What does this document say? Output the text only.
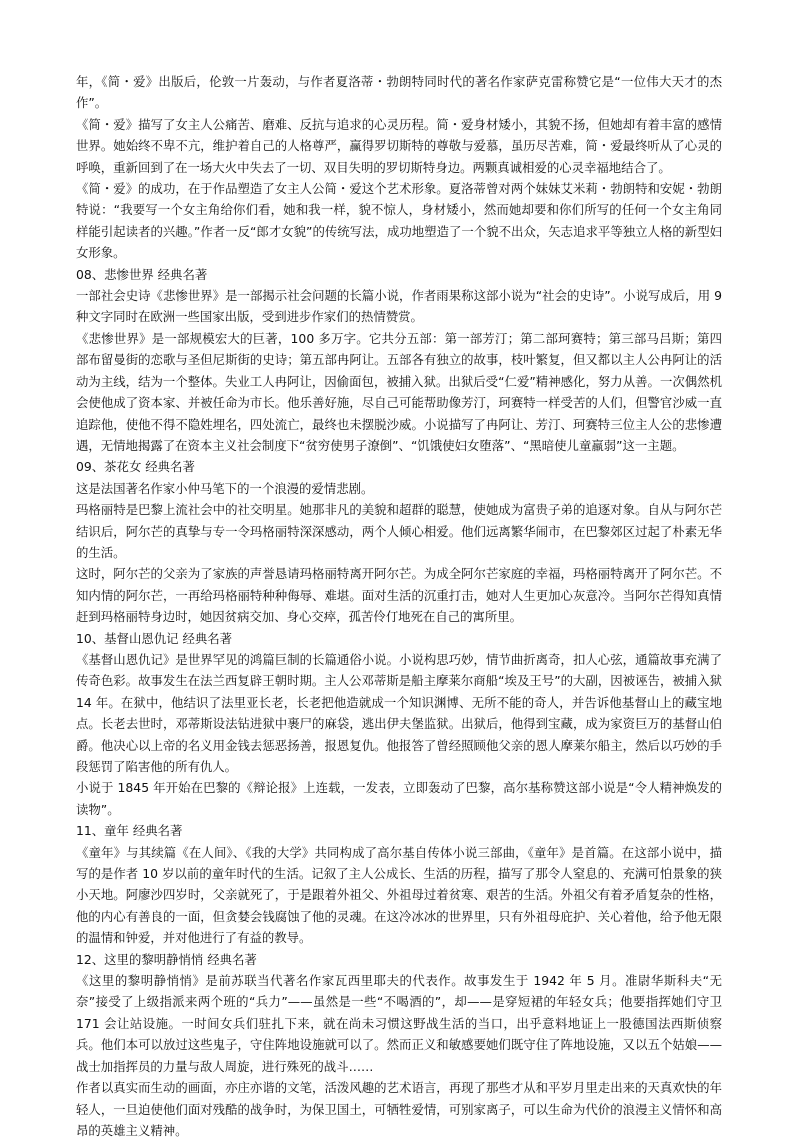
年，《简・爱》出版后，伦敦一片轰动，与作者夏洛蒂・勃朗特同时代的著名作家萨克雷称赞它是“一位伟大天才的杰作”。

《简・爱》描写了女主人公痛苦、磨难、反抗与追求的心灵历程。简・爱身材矮小，其貌不扬，但她却有着丰富的感情世界。她始终不卑不亢，维护着自己的人格尊严，赢得罗切斯特的尊敬与爱慕，虽历尽苦难，简・爱最终听从了心灵的呼唤，重新回到了在一场大火中失去了一切、双目失明的罗切斯特身边。两颗真诚相爱的心灵幸福地结合了。

《简・爱》的成功，在于作品塑造了女主人公简・爱这个艺术形象。夏洛蒂曾对两个妹妹艾米莉・勃朗特和安妮・勃朗特说：“我要写一个女主角给你们看，她和我一样，貌不惊人，身材矮小，然而她却要和你们所写的任何一个女主角同样能引起读者的兴趣。”作者一反“郎才女貌”的传统写法，成功地塑造了一个貌不出众，矢志追求平等独立人格的新型妇女形象。

08、悲惨世界 经典名著

一部社会史诗《悲惨世界》是一部揭示社会问题的长篇小说，作者雨果称这部小说为“社会的史诗”。小说写成后，用 9 种文字同时在欧洲一些国家出版，受到进步作家们的热情赞赏。

《悲惨世界》是一部规模宏大的巨著，100 多万字。它共分五部：第一部芳汀；第二部珂赛特；第三部马吕斯；第四部布留曼街的恋歌与圣但尼斯街的史诗；第五部冉阿让。五部各有独立的故事，枝叶繁复，但又都以主人公冉阿让的活动为主线，结为一个整体。失业工人冉阿让，因偷面包，被捕入狱。出狱后受“仁爱”精神感化，努力从善。一次偶然机会使他成了资本家、并被任命为市长。他乐善好施，尽自己可能帮助像芳汀，珂赛特一样受苦的人们，但警官沙威一直追踪他，使他不得不隐姓埋名，四处流亡，最终也未摆脱沙威。小说描写了冉阿让、芳汀、珂赛特三位主人公的悲惨遭遇，无情地揭露了在资本主义社会制度下“贫穷使男子潦倒”、“饥饿使妇女堕落”、“黑暗使儿童羸弱”这一主题。

09、茶花女 经典名著

这是法国著名作家小仲马笔下的一个浪漫的爱情悲剧。

玛格丽特是巴黎上流社会中的社交明星。她那非凡的美貌和超群的聪慧，使她成为富贵子弟的追逐对象。自从与阿尔芒结识后，阿尔芒的真挚与专一令玛格丽特深深感动，两个人倾心相爱。他们远离繁华闹市，在巴黎郊区过起了朴素无华的生活。

这时，阿尔芒的父亲为了家族的声誉恳请玛格丽特离开阿尔芒。为成全阿尔芒家庭的幸福，玛格丽特离开了阿尔芒。不知内情的阿尔芒，一再给玛格丽特种种侮辱、难堪。面对生活的沉重打击，她对人生更加心灰意冷。当阿尔芒得知真情赶到玛格丽特身边时，她因贫病交加、身心交瘁，孤苦伶仃地死在自己的寓所里。

10、基督山恩仇记 经典名著

《基督山恩仇记》是世界罕见的鸿篇巨制的长篇通俗小说。小说构思巧妙，情节曲折离奇，扣人心弦，通篇故事充满了传奇色彩。故事发生在法兰西复辟王朝时期。主人公邓蒂斯是船主摩莱尔商船“埃及王号”的大副，因被诬告，被捕入狱 14 年。在狱中，他结识了法里亚长老，长老把他造就成一个知识渊博、无所不能的奇人，并告诉他基督山上的藏宝地点。长老去世时，邓蒂斯设法钻进狱中裹尸的麻袋，逃出伊夫堡监狱。出狱后，他得到宝藏，成为家资巨万的基督山伯爵。他决心以上帝的名义用金钱去惩恶扬善，报恩复仇。他报答了曾经照顾他父亲的恩人摩莱尔船主，然后以巧妙的手段惩罚了陷害他的所有仇人。

小说于 1845 年开始在巴黎的《辩论报》上连载，一发表，立即轰动了巴黎，高尔基称赞这部小说是“令人精神焕发的读物”。

11、童年 经典名著

《童年》与其续篇《在人间》、《我的大学》共同构成了高尔基自传体小说三部曲，《童年》是首篇。在这部小说中，描写的是作者 10 岁以前的童年时代的生活。记叙了主人公成长、生活的历程，描写了那令人窒息的、充满可怕景象的狭小天地。阿廖沙四岁时，父亲就死了，于是跟着外祖父、外祖母过着贫寒、艰苦的生活。外祖父有着矛盾复杂的性格，他的内心有善良的一面，但贪婪会钱腐蚀了他的灵魂。在这冷冰冰的世界里，只有外祖母庇护、关心着他，给予他无限的温情和钟爱，并对他进行了有益的教导。

12、这里的黎明静悄悄 经典名著

《这里的黎明静悄悄》是前苏联当代著名作家瓦西里耶夫的代表作。故事发生于 1942 年 5 月。准尉华斯科夫“无奈”接受了上级指派来两个班的“兵力”——虽然是一些“不喝酒的”，却——是穿短裙的年轻女兵；他要指挥她们守卫 171 会让站设施。一时间女兵们驻扎下来，就在尚未习惯这野战生活的当口，出乎意料地证上一股德国法西斯侦察兵。他们本可以放过这些鬼子，守住阵地设施就可以了。然而正义和敏感要她们既守住了阵地设施，又以五个姑娘——战士加指挥员的力量与敌人周旋，进行殊死的战斗……

作者以真实而生动的画面，亦庄亦谐的文笔，活泼风趣的艺术语言，再现了那些才从和平岁月里走出来的天真欢快的年轻人，一旦迫使他们面对残酷的战争时，为保卫国土，可牺牲爱情，可别家离子，可以生命为代价的浪漫主义情怀和高昂的英雄主义精神。
